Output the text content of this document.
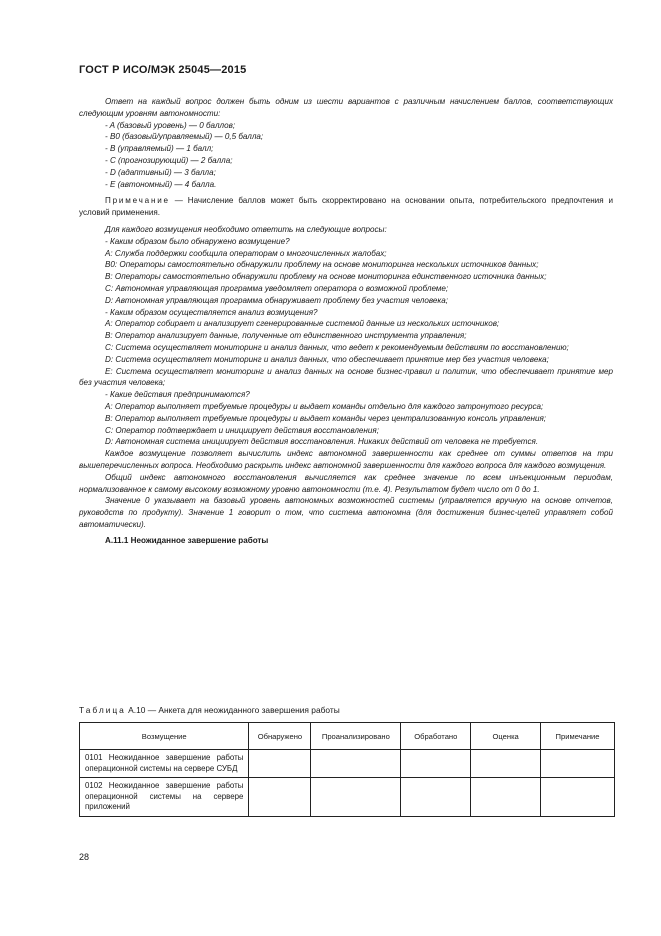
ГОСТ Р ИСО/МЭК 25045—2015

Ответ на каждый вопрос должен быть одним из шести вариантов с различным начислением баллов, соответствующих следующим уровням автономности:

- A (базовый уровень) — 0 баллов;
- B0 (базовый/управляемый) — 0,5 балла;
- B (управляемый) — 1 балл;
- C (прогнозирующий) — 2 балла;
- D (адаптивный) — 3 балла;
- E (автономный) — 4 балла.

Примечание — Начисление баллов может быть скорректировано на основании опыта, потребительского предпочтения и условий применения.

Для каждого возмущения необходимо ответить на следующие вопросы:

- Каким образом было обнаружено возмущение?

A: Служба поддержки сообщила операторам о многочисленных жалобах;

B0: Операторы самостоятельно обнаружили проблему на основе мониторинга нескольких источников данных;

B: Операторы самостоятельно обнаружили проблему на основе мониторинга единственного источника данных;

C: Автономная управляющая программа уведомляет оператора о возможной проблеме;

D: Автономная управляющая программа обнаруживает проблему без участия человека;

- Каким образом осуществляется анализ возмущения?

A: Оператор собирает и анализирует сгенерированные системой данные из нескольких источников;

B: Оператор анализирует данные, полученные от единственного инструмента управления;

C: Система осуществляет мониторинг и анализ данных, что ведет к рекомендуемым действиям по восстановлению;

D: Система осуществляет мониторинг и анализ данных, что обеспечивает принятие мер без участия человека;

E: Система осуществляет мониторинг и анализ данных на основе бизнес-правил и политик, что обеспечивает принятие мер без участия человека;

- Какие действия предпринимаются?

A: Оператор выполняет требуемые процедуры и выдает команды отдельно для каждого затронутого ресурса;

B: Оператор выполняет требуемые процедуры и выдает команды через централизованную консоль управления;

C: Оператор подтверждает и инициирует действия восстановления;

D: Автономная система инициирует действия восстановления. Никаких действий от человека не требуется.

Каждое возмущение позволяет вычислить индекс автономной завершенности как среднее от суммы ответов на три вышеперечисленных вопроса. Необходимо раскрыть индекс автономной завершенности для каждого вопроса для каждого возмущения.

Общий индекс автономного восстановления вычисляется как среднее значение по всем инъекционным периодам, нормализованное к самому высокому возможному уровню автономности (т.е. 4). Результатом будет число от 0 до 1.

Значение 0 указывает на базовый уровень автономных возможностей системы (управляется вручную на основе отчетов, руководств по продукту). Значение 1 говорит о том, что система автономна (для достижения бизнес-целей управляет собой автоматически).

A.11.1 Неожиданное завершение работы

Таблица A.10 — Анкета для неожиданного завершения работы
Возмущение	Обнаружено	Проанализировано	Обработано	Оценка	Примечание
0101 Неожиданное завершение работы операционной системы на сервере СУБД					
0102 Неожиданное завершение работы операционной системы на сервере приложений					
28
